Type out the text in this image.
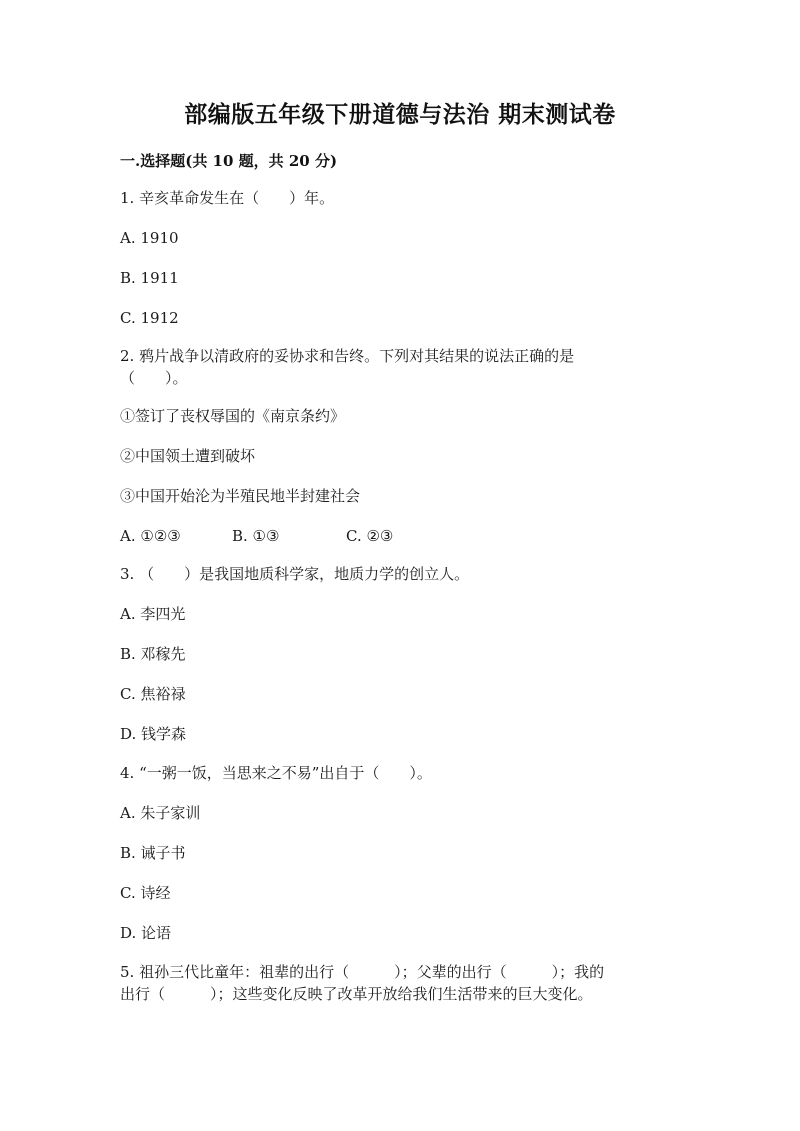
部编版五年级下册道德与法治 期末测试卷
一.选择题(共 10 题，共 20 分)
1. 辛亥革命发生在（　　）年。
A. 1910
B. 1911
C. 1912
2. 鸦片战争以清政府的妥协求和告终。下列对其结果的说法正确的是
（　　）。
①签订了丧权辱国的《南京条约》
②中国领土遭到破坏
③中国开始沦为半殖民地半封建社会
A. ①②③	B. ①③	C. ②③
3. （　　）是我国地质科学家，地质力学的创立人。
A. 李四光
B. 邓稼先
C. 焦裕禄
D. 钱学森
4. “一粥一饭，当思来之不易”出自于（　　）。
A. 朱子家训
B. 诫子书
C. 诗经
D. 论语
5. 祖孙三代比童年：祖辈的出行（　　　）；父辈的出行（　　　）；我的
出行（　　　）；这些变化反映了改革开放给我们生活带来的巨大变化。
